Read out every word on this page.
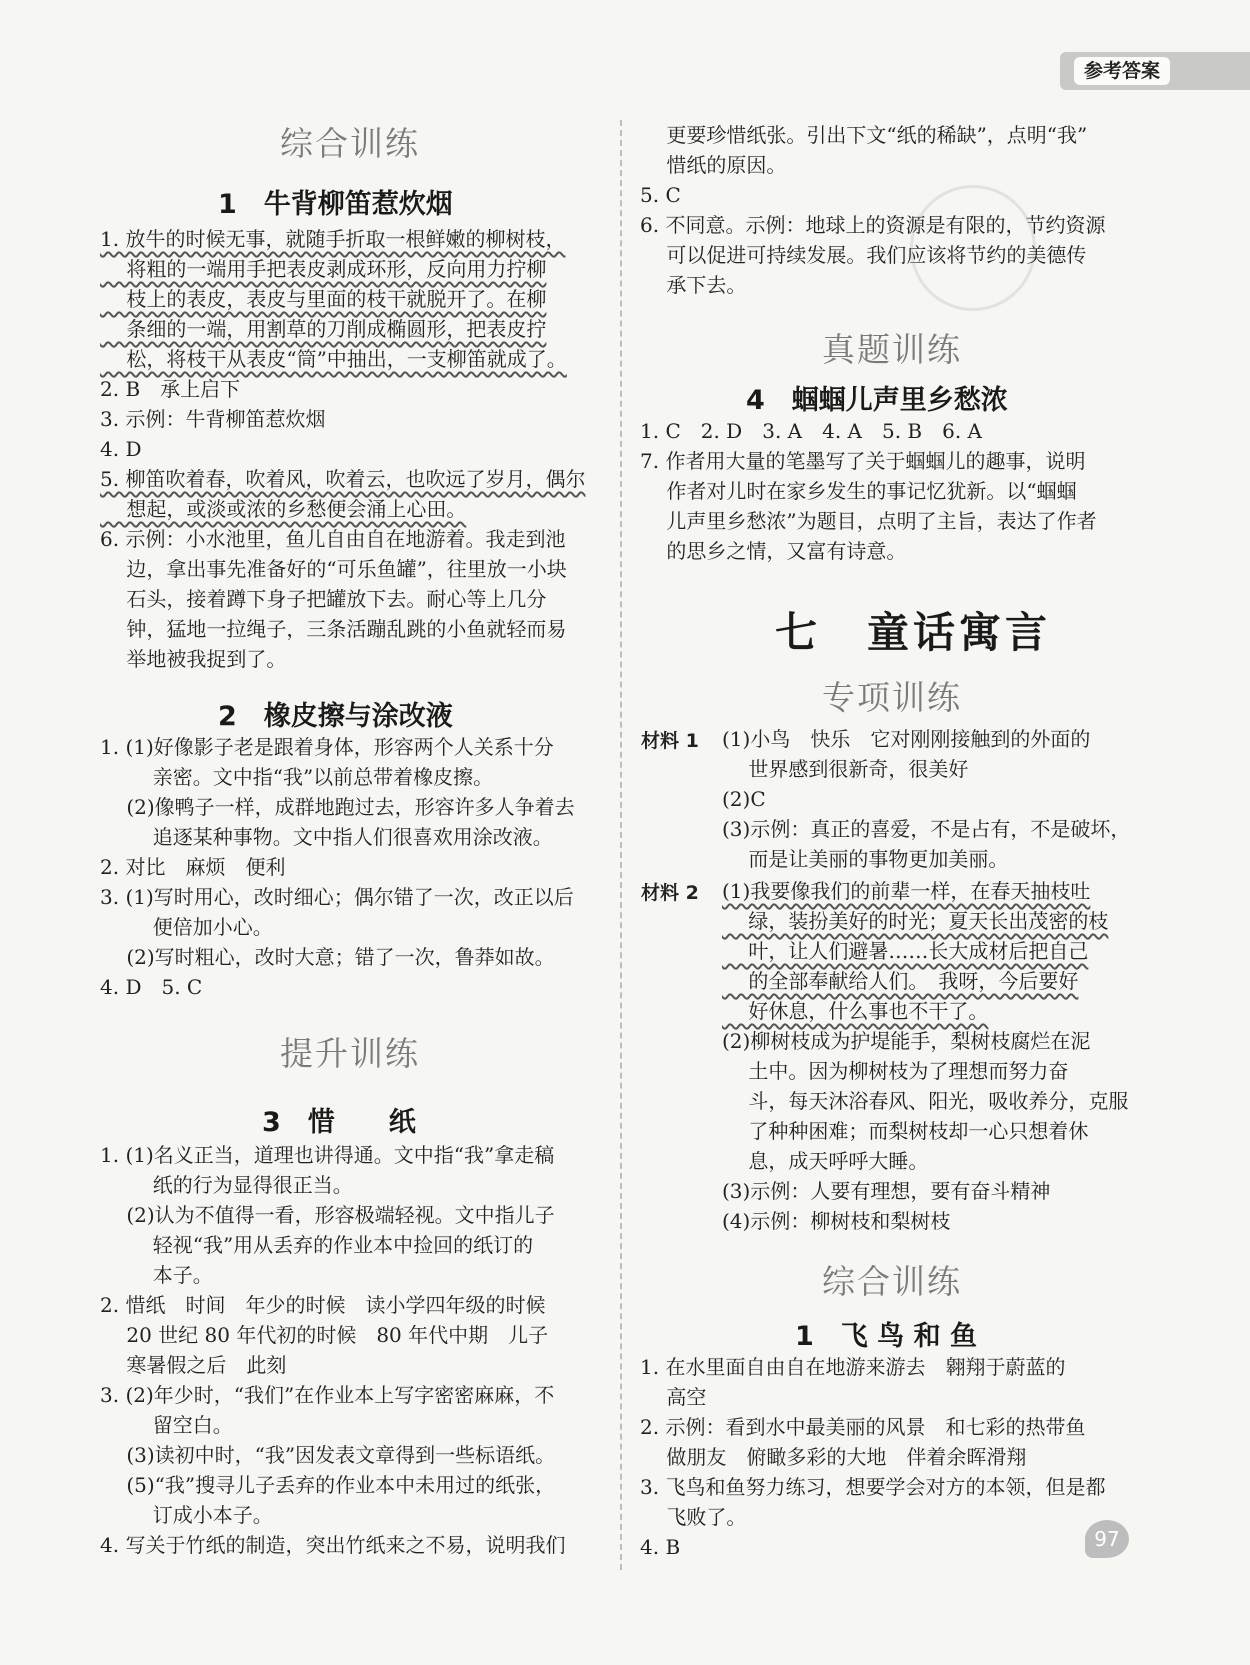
参考答案
综合训练
1　牛背柳笛惹炊烟
1. 放牛的时候无事，就随手折取一根鲜嫩的柳树枝，
　 将粗的一端用手把表皮剥成环形，反向用力拧柳
　 枝上的表皮，表皮与里面的枝干就脱开了。在柳
　 条细的一端，用割草的刀削成椭圆形，把表皮拧
　 松，将枝干从表皮“筒”中抽出，一支柳笛就成了。
2. B　承上启下
3. 示例：牛背柳笛惹炊烟
4. D
5. 柳笛吹着春，吹着风，吹着云，也吹远了岁月，偶尔
　 想起，或淡或浓的乡愁便会涌上心田。
6. 示例：小水池里，鱼儿自由自在地游着。我走到池
　 边，拿出事先准备好的“可乐鱼罐”，往里放一小块
　 石头，接着蹲下身子把罐放下去。耐心等上几分
　 钟，猛地一拉绳子，三条活蹦乱跳的小鱼就轻而易
　 举地被我捉到了。
2　橡皮擦与涂改液
1. (1)好像影子老是跟着身体，形容两个人关系十分
　 　 亲密。文中指“我”以前总带着橡皮擦。
　 (2)像鸭子一样，成群地跑过去，形容许多人争着去
　 　 追逐某种事物。文中指人们很喜欢用涂改液。
2. 对比　麻烦　便利
3. (1)写时用心，改时细心；偶尔错了一次，改正以后
　 　 便倍加小心。
　 (2)写时粗心，改时大意；错了一次，鲁莽如故。
4. D　5. C
提升训练
3　惜　　纸
1. (1)名义正当，道理也讲得通。文中指“我”拿走稿
　 　 纸的行为显得很正当。
　 (2)认为不值得一看，形容极端轻视。文中指儿子
　 　 轻视“我”用从丢弃的作业本中捡回的纸订的
　 　 本子。
2. 惜纸　时间　年少的时候　读小学四年级的时候
　 20 世纪 80 年代初的时候　80 年代中期　儿子
　 寒暑假之后　此刻
3. (2)年少时，“我们”在作业本上写字密密麻麻，不
　 　 留空白。
　 (3)读初中时，“我”因发表文章得到一些标语纸。
　 (5)“我”搜寻儿子丢弃的作业本中未用过的纸张，
　 　 订成小本子。
4. 写关于竹纸的制造，突出竹纸来之不易，说明我们
　 更要珍惜纸张。引出下文“纸的稀缺”，点明“我”
　 惜纸的原因。
5. C
6. 不同意。示例：地球上的资源是有限的，节约资源
　 可以促进可持续发展。我们应该将节约的美德传
　 承下去。
真题训练
4　蝈蝈儿声里乡愁浓
1. C　2. D　3. A　4. A　5. B　6. A
7. 作者用大量的笔墨写了关于蝈蝈儿的趣事，说明
　 作者对儿时在家乡发生的事记忆犹新。以“蝈蝈
　 儿声里乡愁浓”为题目，点明了主旨，表达了作者
　 的思乡之情，又富有诗意。
七　童话寓言
专项训练
材料 1 (1)小鸟　快乐　它对刚刚接触到的外面的
　 世界感到很新奇，很美好
(2)C
(3)示例：真正的喜爱，不是占有，不是破坏，
　 而是让美丽的事物更加美丽。
材料 2 (1)我要像我们的前辈一样，在春天抽枝吐
　 绿，装扮美好的时光；夏天长出茂密的枝
　 叶，让人们避暑……长大成材后把自己
　 的全部奉献给人们。　我呀，今后要好
　 好休息，什么事也不干了。
(2)柳树枝成为护堤能手，梨树枝腐烂在泥
　 土中。因为柳树枝为了理想而努力奋
　 斗，每天沐浴春风、阳光，吸收养分，克服
　 了种种困难；而梨树枝却一心只想着休
　 息，成天呼呼大睡。
(3)示例：人要有理想，要有奋斗精神
(4)示例：柳树枝和梨树枝
综合训练
1　飞 鸟 和 鱼
1. 在水里面自由自在地游来游去　翱翔于蔚蓝的
　 高空
2. 示例：看到水中最美丽的风景　和七彩的热带鱼
　 做朋友　俯瞰多彩的大地　伴着余晖滑翔
3. 飞鸟和鱼努力练习，想要学会对方的本领，但是都
　 飞败了。
4. B	97
